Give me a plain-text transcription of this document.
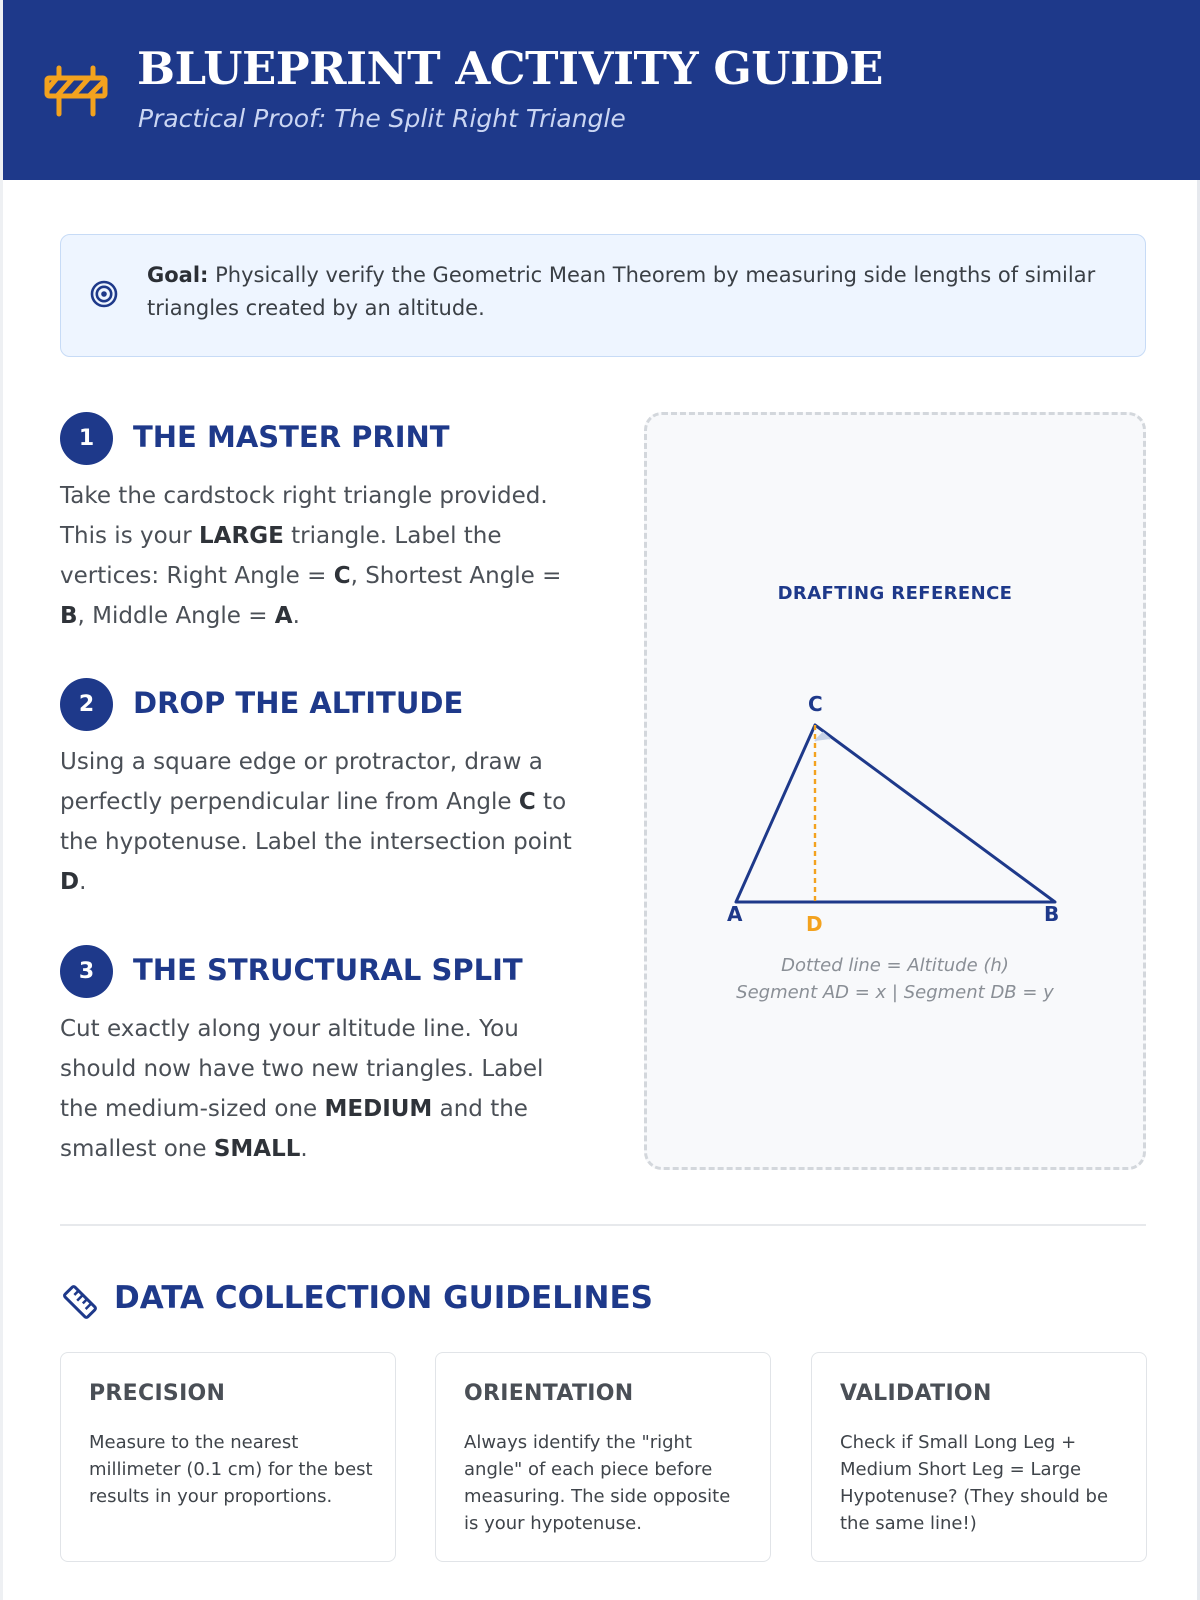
BLUEPRINT ACTIVITY GUIDE

Practical Proof: The Split Right Triangle

Goal: Physically verify the Geometric Mean Theorem by measuring side lengths of similar triangles created by an altitude.
1	THE MASTER PRINT
Take the cardstock right triangle provided. This is your LARGE triangle. Label the vertices: Right Angle = C, Shortest Angle = B, Middle Angle = A.
2	DROP THE ALTITUDE
Using a square edge or protractor, draw a perfectly perpendicular line from Angle C to the hypotenuse. Label the intersection point D.
3	THE STRUCTURAL SPLIT
Cut exactly along your altitude line. You should now have two new triangles. Label the medium-sized one MEDIUM and the smallest one SMALL.
DRAFTING REFERENCE
C
A	D	B
Dotted line = Altitude (h)
Segment AD = x | Segment DB = y
DATA COLLECTION GUIDELINES
PRECISION
Measure to the nearest millimeter (0.1 cm) for the best results in your proportions.
ORIENTATION
Always identify the "right angle" of each piece before measuring. The side opposite is your hypotenuse.
VALIDATION
Check if Small Long Leg + Medium Short Leg = Large Hypotenuse? (They should be the same line!)
